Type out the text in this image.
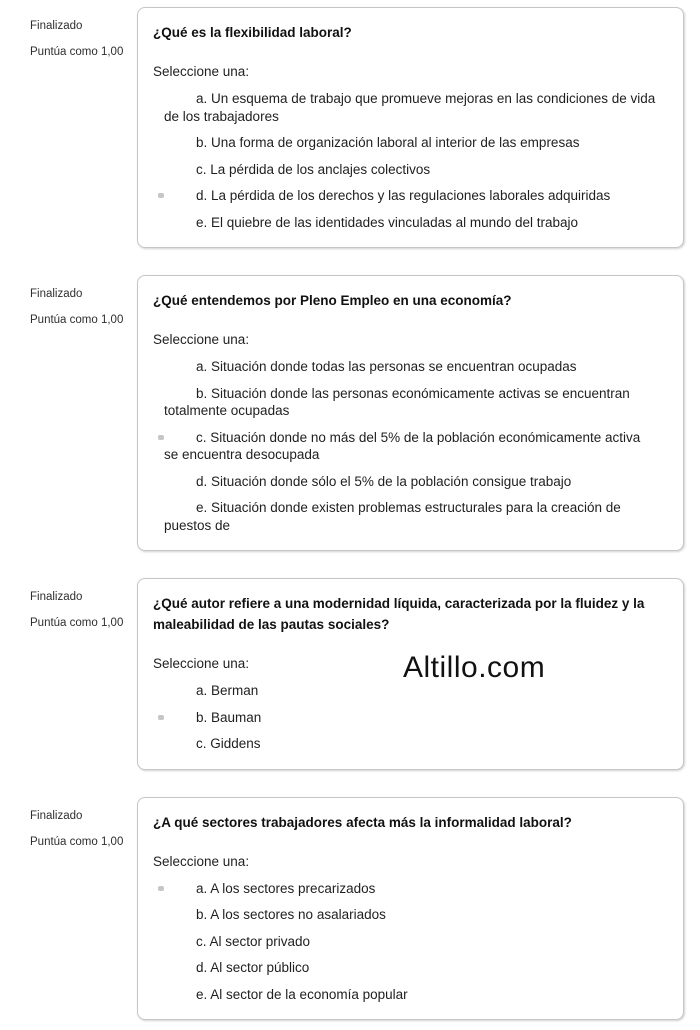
Finalizado
Puntúa como 1,00
¿Qué es la flexibilidad laboral?
Seleccione una:
a. Un esquema de trabajo que promueve mejoras en las condiciones de vida de los trabajadores
b. Una forma de organización laboral al interior de las empresas
c. La pérdida de los anclajes colectivos
d. La pérdida de los derechos y las regulaciones laborales adquiridas
e. El quiebre de las identidades vinculadas al mundo del trabajo
Finalizado
Puntúa como 1,00
¿Qué entendemos por Pleno Empleo en una economía?
Seleccione una:
a. Situación donde todas las personas se encuentran ocupadas
b. Situación donde las personas económicamente activas se encuentran totalmente ocupadas
c. Situación donde no más del 5% de la población económicamente activa se encuentra desocupada
d. Situación donde sólo el 5% de la población consigue trabajo
e. Situación donde existen problemas estructurales para la creación de puestos de
Finalizado
Puntúa como 1,00
¿Qué autor refiere a una modernidad líquida, caracterizada por la fluidez y la maleabilidad de las pautas sociales?
Seleccione una:
a. Berman
b. Bauman
c. Giddens
Altillo.com
Finalizado
Puntúa como 1,00
¿A qué sectores trabajadores afecta más la informalidad laboral?
Seleccione una:
a. A los sectores precarizados
b. A los sectores no asalariados
c. Al sector privado
d. Al sector público
e. Al sector de la economía popular
